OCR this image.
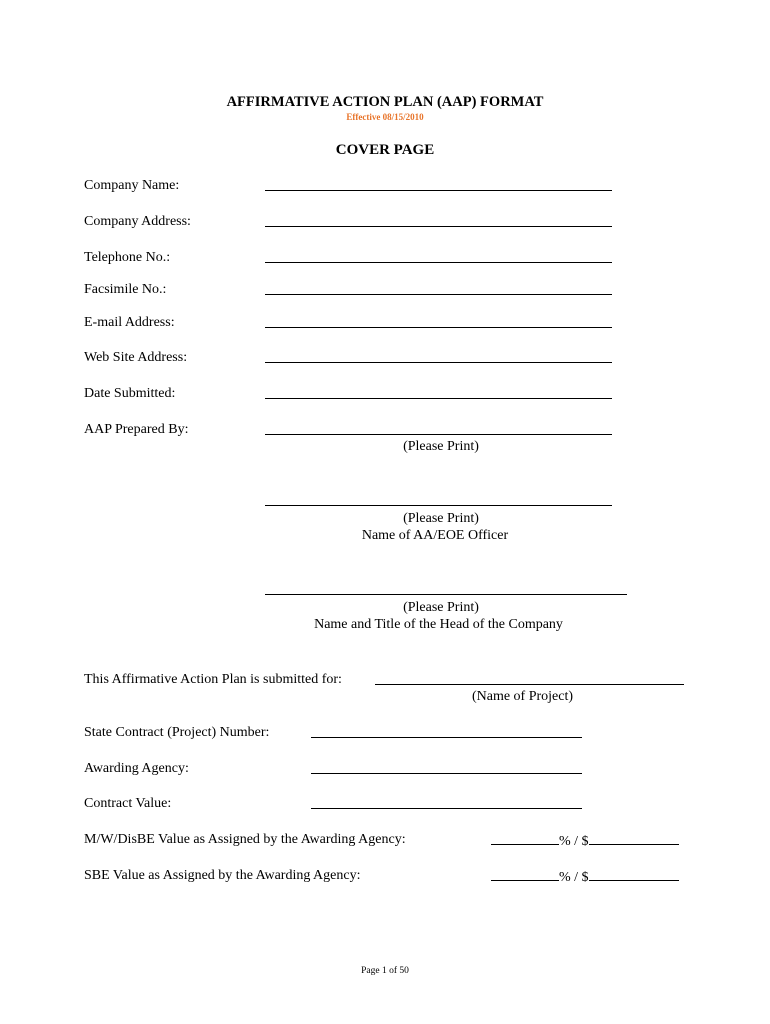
AFFIRMATIVE ACTION PLAN (AAP) FORMAT
Effective 08/15/2010
COVER PAGE
Company Name:
Company Address:
Telephone No.:
Facsimile No.:
E-mail Address:
Web Site Address:
Date Submitted:
AAP Prepared By:
(Please Print)
(Please Print)
Name of AA/EOE Officer
(Please Print)
Name and Title of the Head of the Company
This Affirmative Action Plan is submitted for:
(Name of Project)
State Contract (Project) Number:
Awarding Agency:
Contract Value:
M/W/DisBE Value as Assigned by the Awarding Agency:	% / $
SBE Value as Assigned by the Awarding Agency:	% / $
Page 1 of 50
